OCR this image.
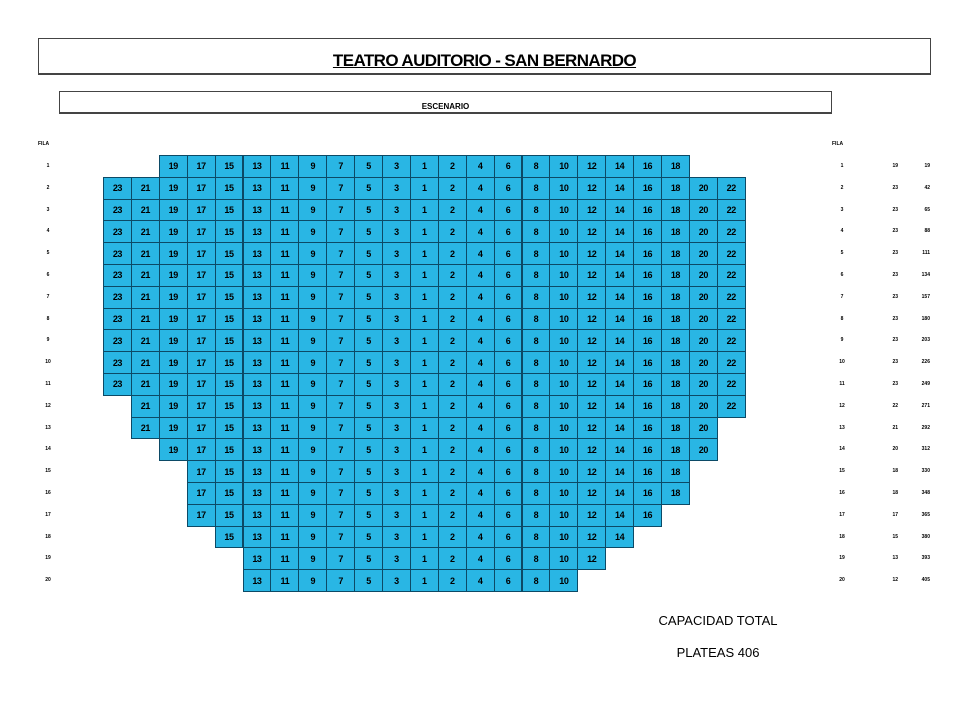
TEATRO AUDITORIO - SAN BERNARDO
ESCENARIO
FILA	FILA
19	17	15	13	11	9	7	5	3	1	2	4	6	8	10	12	14	16	18
1	1	19	19
23	21	19	17	15	13	11	9	7	5	3	1	2	4	6	8	10	12	14	16	18	20	22
2	2	23	42
23	21	19	17	15	13	11	9	7	5	3	1	2	4	6	8	10	12	14	16	18	20	22
3	3	23	65
23	21	19	17	15	13	11	9	7	5	3	1	2	4	6	8	10	12	14	16	18	20	22
4	4	23	88
23	21	19	17	15	13	11	9	7	5	3	1	2	4	6	8	10	12	14	16	18	20	22
5	5	23	111
23	21	19	17	15	13	11	9	7	5	3	1	2	4	6	8	10	12	14	16	18	20	22
6	6	23	134
23	21	19	17	15	13	11	9	7	5	3	1	2	4	6	8	10	12	14	16	18	20	22
7	7	23	157
23	21	19	17	15	13	11	9	7	5	3	1	2	4	6	8	10	12	14	16	18	20	22
8	8	23	180
23	21	19	17	15	13	11	9	7	5	3	1	2	4	6	8	10	12	14	16	18	20	22
9	9	23	203
23	21	19	17	15	13	11	9	7	5	3	1	2	4	6	8	10	12	14	16	18	20	22
10	10	23	226
23	21	19	17	15	13	11	9	7	5	3	1	2	4	6	8	10	12	14	16	18	20	22
11	11	23	249
21	19	17	15	13	11	9	7	5	3	1	2	4	6	8	10	12	14	16	18	20	22
12	12	22	271
21	19	17	15	13	11	9	7	5	3	1	2	4	6	8	10	12	14	16	18	20
13	13	21	292
19	17	15	13	11	9	7	5	3	1	2	4	6	8	10	12	14	16	18	20
14	14	20	312
17	15	13	11	9	7	5	3	1	2	4	6	8	10	12	14	16	18
15	15	18	330
17	15	13	11	9	7	5	3	1	2	4	6	8	10	12	14	16	18
16	16	18	348
17	15	13	11	9	7	5	3	1	2	4	6	8	10	12	14	16
17	17	17	365
15	13	11	9	7	5	3	1	2	4	6	8	10	12	14
18	18	15	380
13	11	9	7	5	3	1	2	4	6	8	10	12
19	19	13	393
13	11	9	7	5	3	1	2	4	6	8	10
20	20	12	405
CAPACIDAD TOTAL
PLATEAS 406
